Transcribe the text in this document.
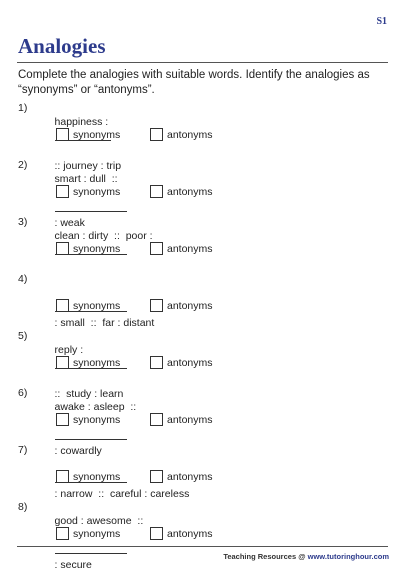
S1
Analogies
Complete the analogies with suitable words. Identify the analogies as “synonyms” or “antonyms”.
1)

happiness :

:: journey : trip

synonyms	antonyms
2)

smart : dull  ::

: weak

synonyms	antonyms
3)

clean : dirty  ::  poor :

synonyms	antonyms
4)

: small  ::  far : distant

synonyms	antonyms
5)

reply :

::  study : learn

synonyms	antonyms
6)

awake : asleep  ::

: cowardly

synonyms	antonyms
7)

: narrow  ::  careful : careless

synonyms	antonyms
8)

good : awesome  ::

: secure

synonyms	antonyms
Teaching Resources @ www.tutoringhour.com
